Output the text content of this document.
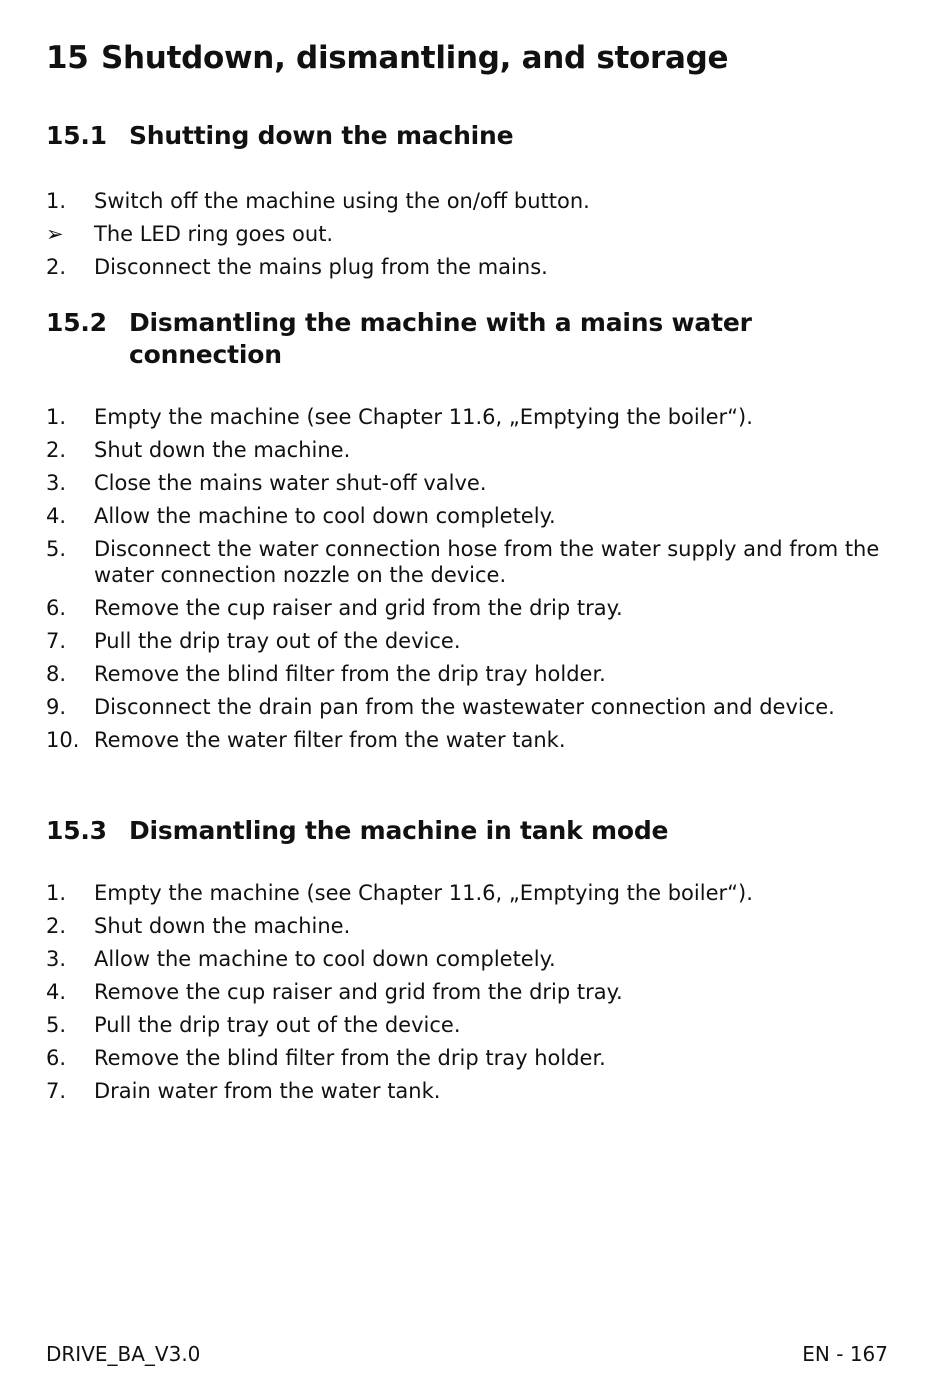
15 Shutdown, dismantling, and storage
15.1 Shutting down the machine
1.	Switch off the machine using the on/off button.
➢	The LED ring goes out.
2.	Disconnect the mains plug from the mains.
15.2 Dismantling the machine with a mains water connection
1.	Empty the machine (see Chapter 11.6, „Emptying the boiler“).
2.	Shut down the machine.
3.	Close the mains water shut-off valve.
4.	Allow the machine to cool down completely.
5.	Disconnect the water connection hose from the water supply and from the water connection nozzle on the device.
6.	Remove the cup raiser and grid from the drip tray.
7.	Pull the drip tray out of the device.
8.	Remove the blind filter from the drip tray holder.
9.	Disconnect the drain pan from the wastewater connection and device.
10. Remove the water filter from the water tank.
15.3 Dismantling the machine in tank mode
1.	Empty the machine (see Chapter 11.6, „Emptying the boiler“).
2.	Shut down the machine.
3.	Allow the machine to cool down completely.
4.	Remove the cup raiser and grid from the drip tray.
5.	Pull the drip tray out of the device.
6.	Remove the blind filter from the drip tray holder.
7.	Drain water from the water tank.
DRIVE_BA_V3.0	EN - 167
